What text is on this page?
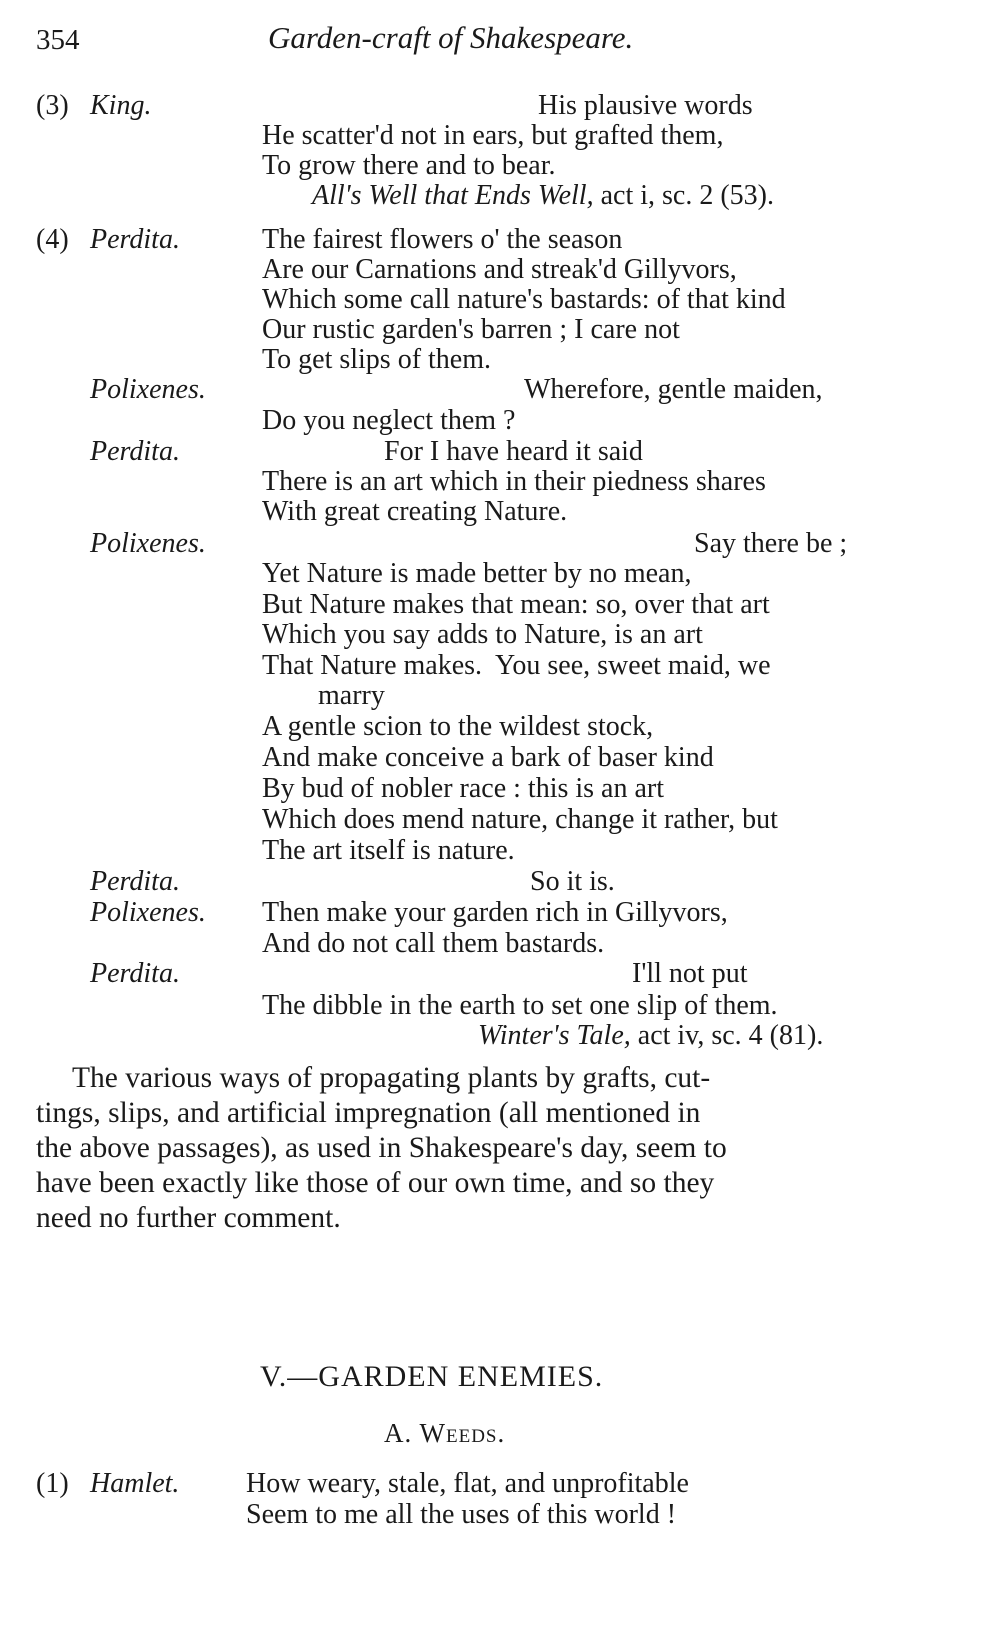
354	Garden-craft of Shakespeare.
(3) King.	His plausive words
He scatter'd not in ears, but grafted them,
To grow there and to bear.
All's Well that Ends Well, act i, sc. 2 (53).
(4) Perdita.	The fairest flowers o' the season
Are our Carnations and streak'd Gillyvors,
Which some call nature's bastards: of that kind
Our rustic garden's barren ; I care not
To get slips of them.
Polixenes.	Wherefore, gentle maiden,
Do you neglect them ?
Perdita.	For I have heard it said
There is an art which in their piedness shares
With great creating Nature.
Polixenes.	Say there be ;
Yet Nature is made better by no mean,
But Nature makes that mean: so, over that art
Which you say adds to Nature, is an art
That Nature makes.  You see, sweet maid, we
marry
A gentle scion to the wildest stock,
And make conceive a bark of baser kind
By bud of nobler race : this is an art
Which does mend nature, change it rather, but
The art itself is nature.
Perdita.	So it is.
Polixenes. Then make your garden rich in Gillyvors,
And do not call them bastards.
Perdita.	I'll not put
The dibble in the earth to set one slip of them.
Winter's Tale, act iv, sc. 4 (81).
The various ways of propagating plants by grafts, cut-
tings, slips, and artificial impregnation (all mentioned in
the above passages), as used in Shakespeare's day, seem to
have been exactly like those of our own time, and so they
need no further comment.
V.—GARDEN ENEMIES.
A. Weeds.
(1) Hamlet. How weary, stale, flat, and unprofitable
Seem to me all the uses of this world !
